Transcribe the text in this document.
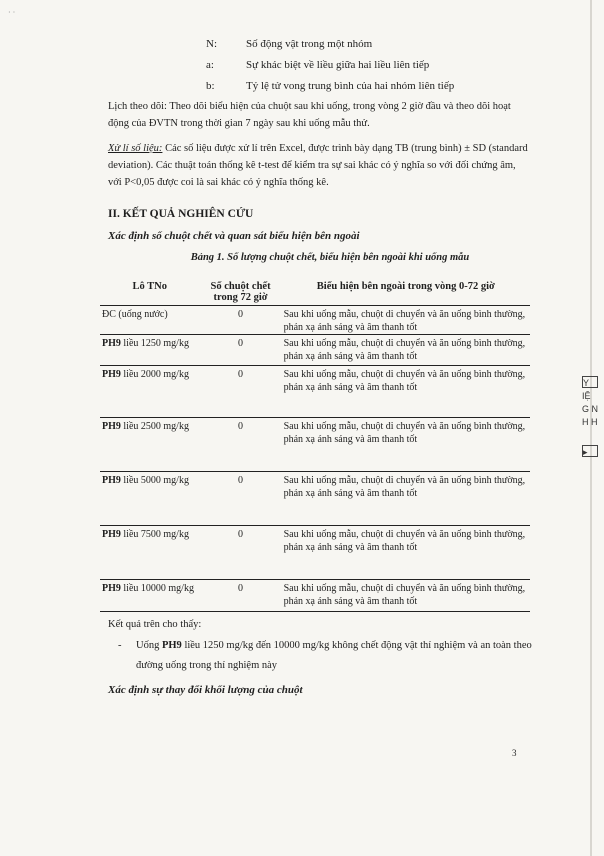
· ·
Y
IỆ
G N
H H
▸
N:	Số động vật trong một nhóm
a:	Sự khác biệt về liều giữa hai liều liên tiếp
b:	Tỷ lệ tử vong trung bình của hai nhóm liên tiếp
Lịch theo dõi: Theo dõi biểu hiện của chuột sau khi uống, trong vòng 2 giờ đầu và theo dõi hoạt động của ĐVTN trong thời gian 7 ngày sau khi uống mẫu thử.
Xử lí số liệu: Các số liệu được xử lí trên Excel, được trình bày dạng TB (trung bình) ± SD (standard deviation). Các thuật toán thống kê t-test để kiểm tra sự sai khác có ý nghĩa so với đối chứng âm, với P<0,05 được coi là sai khác có ý nghĩa thống kê.
II. KẾT QUẢ NGHIÊN CỨU
Xác định số chuột chết và quan sát biểu hiện bên ngoài
Bảng 1. Số lượng chuột chết, biểu hiện bên ngoài khi uống mẫu
Lô TNo	Số chuột chết trong 72 giờ	Biểu hiện bên ngoài trong vòng 0-72 giờ
ĐC (uống nước)	0	Sau khi uống mẫu, chuột di chuyển và ăn uống bình thường, phản xạ ánh sáng và âm thanh tốt
PH9 liều 1250 mg/kg	0	Sau khi uống mẫu, chuột di chuyển và ăn uống bình thường, phản xạ ánh sáng và âm thanh tốt
PH9 liều 2000 mg/kg	0	Sau khi uống mẫu, chuột di chuyển và ăn uống bình thường, phản xạ ánh sáng và âm thanh tốt
PH9 liều 2500 mg/kg	0	Sau khi uống mẫu, chuột di chuyển và ăn uống bình thường, phản xạ ánh sáng và âm thanh tốt
PH9 liều 5000 mg/kg	0	Sau khi uống mẫu, chuột di chuyển và ăn uống bình thường, phản xạ ánh sáng và âm thanh tốt
PH9 liều 7500 mg/kg	0	Sau khi uống mẫu, chuột di chuyển và ăn uống bình thường, phản xạ ánh sáng và âm thanh tốt
PH9 liều 10000 mg/kg	0	Sau khi uống mẫu, chuột di chuyển và ăn uống bình thường, phản xạ ánh sáng và âm thanh tốt
Kết quả trên cho thấy:
-	Uống PH9 liều 1250 mg/kg đến 10000 mg/kg không chết động vật thí nghiệm và an toàn theo đường uống trong thí nghiệm này
Xác định sự thay đổi khối lượng của chuột
3
